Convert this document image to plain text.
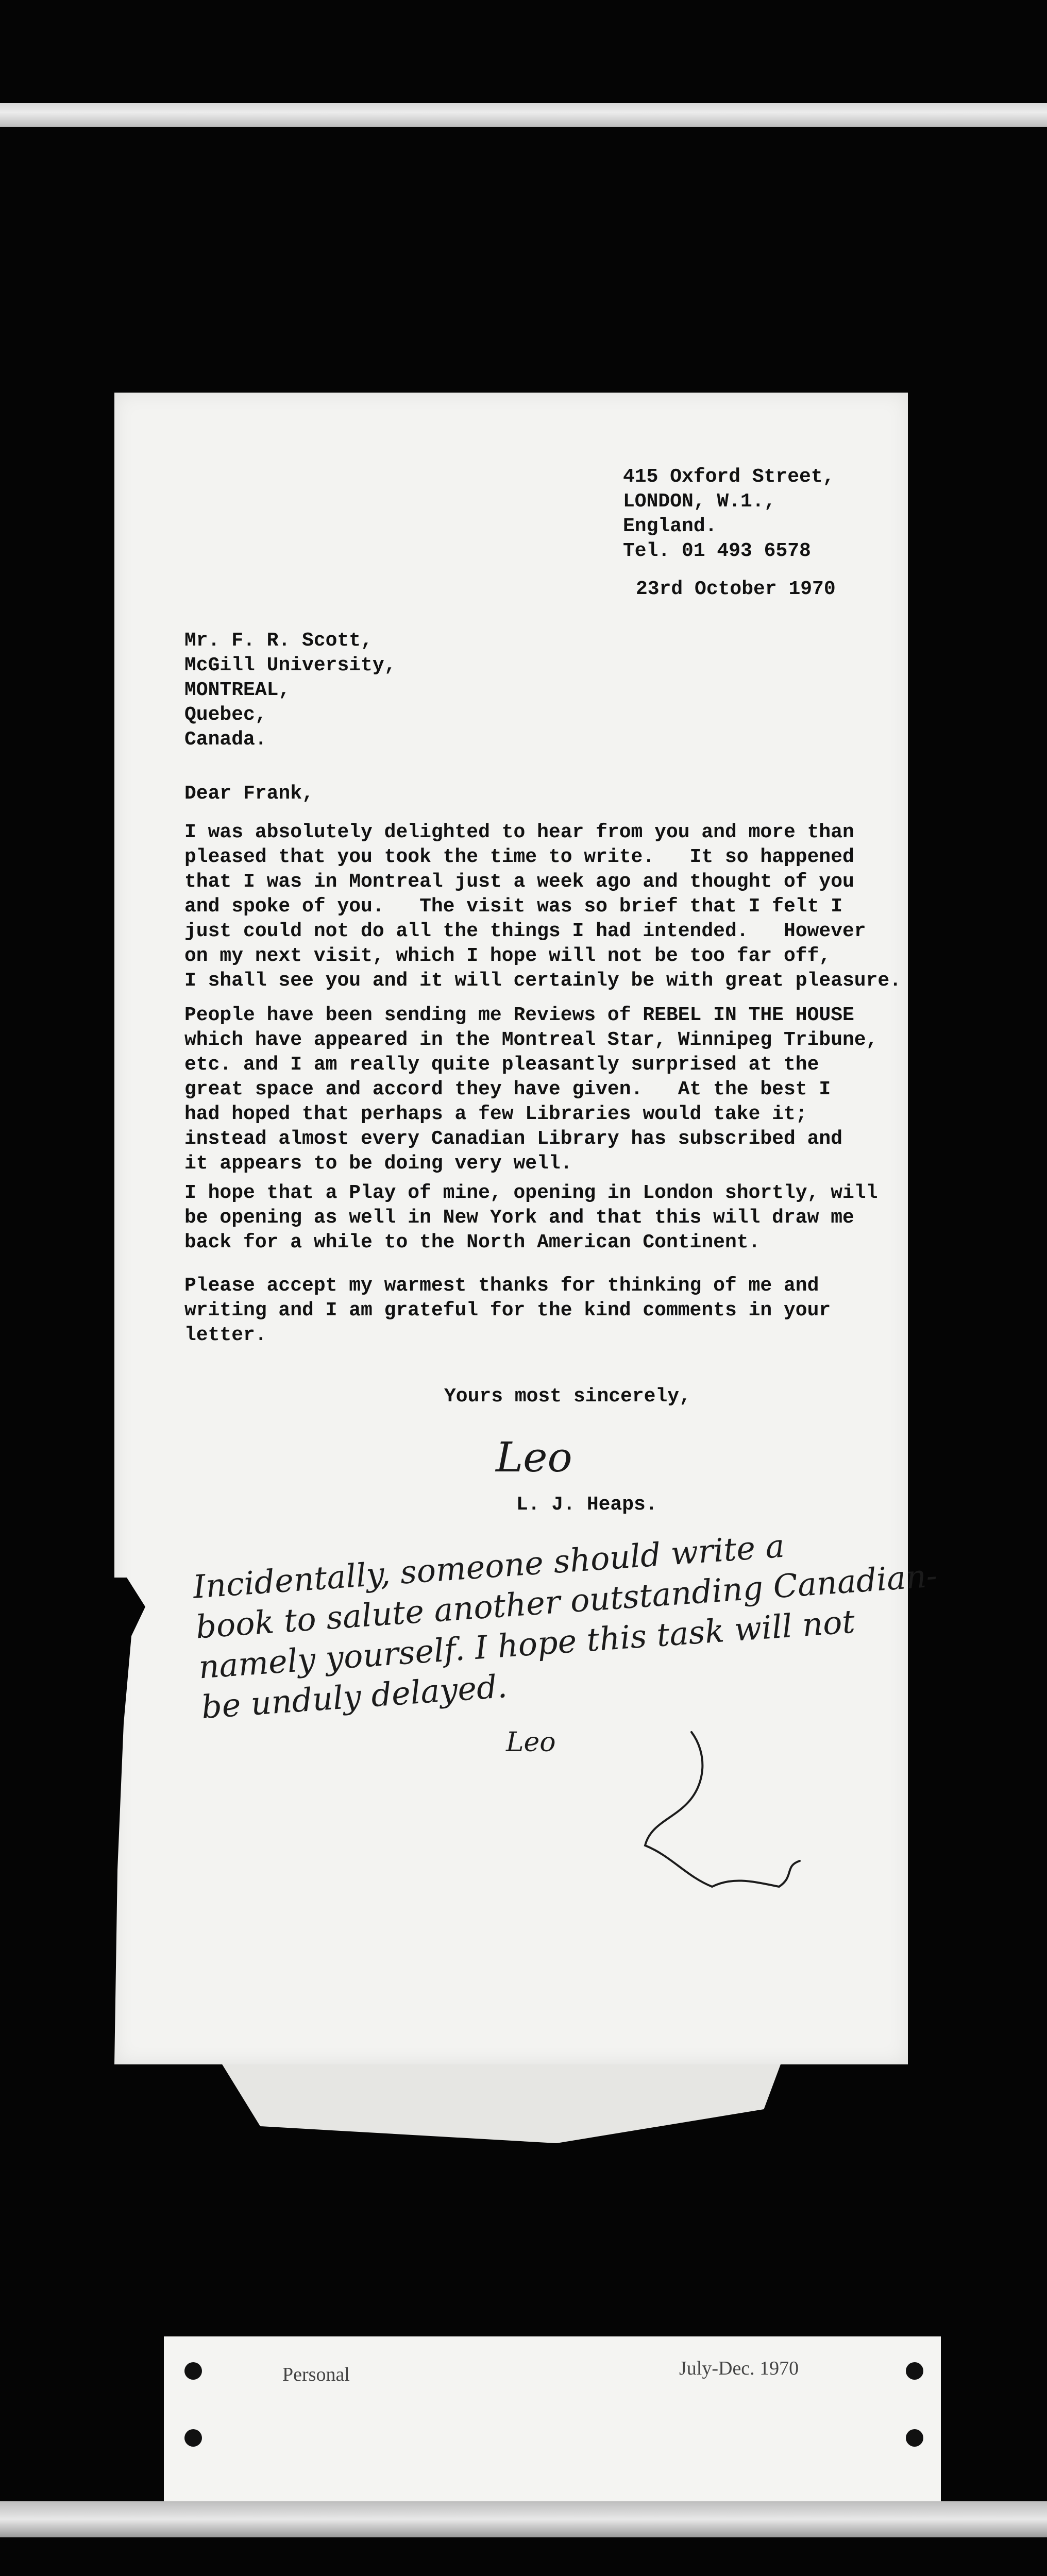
415 Oxford Street,
LONDON, W.1.,
England.
Tel. 01 493 6578
23rd October 1970
Mr. F. R. Scott,
McGill University,
MONTREAL,
Quebec,
Canada.
Dear Frank,
I was absolutely delighted to hear from you and more than
pleased that you took the time to write.   It so happened
that I was in Montreal just a week ago and thought of you
and spoke of you.   The visit was so brief that I felt I
just could not do all the things I had intended.   However
on my next visit, which I hope will not be too far off,
I shall see you and it will certainly be with great pleasure.
People have been sending me Reviews of REBEL IN THE HOUSE
which have appeared in the Montreal Star, Winnipeg Tribune,
etc. and I am really quite pleasantly surprised at the
great space and accord they have given.   At the best I
had hoped that perhaps a few Libraries would take it;
instead almost every Canadian Library has subscribed and
it appears to be doing very well.
I hope that a Play of mine, opening in London shortly, will
be opening as well in New York and that this will draw me
back for a while to the North American Continent.
Please accept my warmest thanks for thinking of me and
writing and I am grateful for the kind comments in your
letter.
Yours most sincerely,
Leo
L. J. Heaps.
Incidentally, someone should write a
book to salute another outstanding Canadian-
namely yourself. I hope this task will not
be unduly delayed.
Leo
Personal	July-Dec. 1970
